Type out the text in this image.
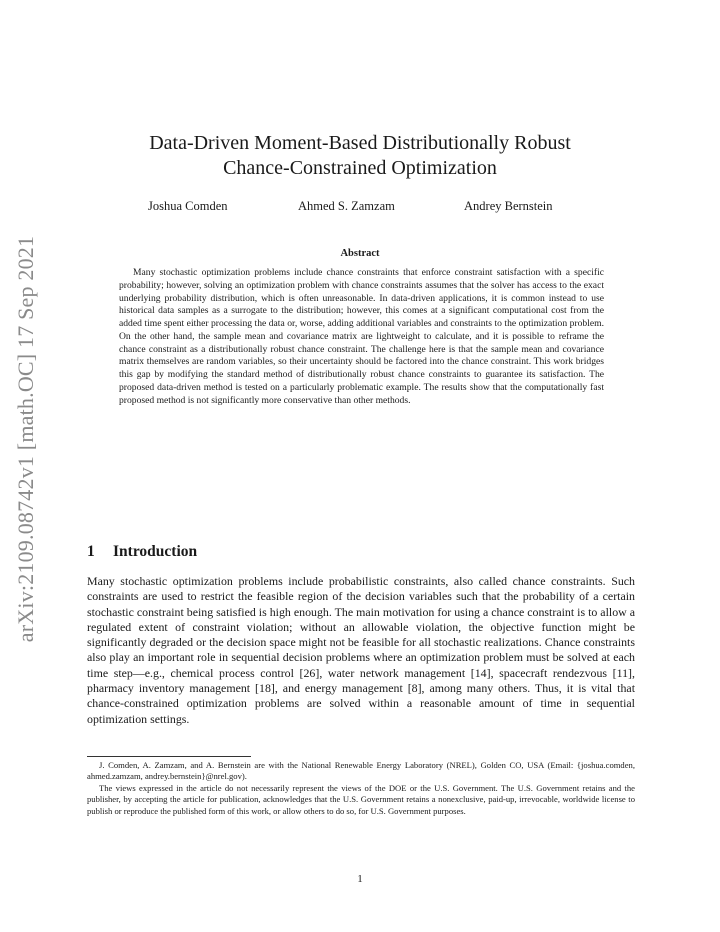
arXiv:2109.08742v1 [math.OC] 17 Sep 2021
Data-Driven Moment-Based Distributionally Robust
Chance-Constrained Optimization
Joshua Comden	Ahmed S. Zamzam	Andrey Bernstein
Abstract

Many stochastic optimization problems include chance constraints that enforce constraint satisfaction with a specific probability; however, solving an optimization problem with chance constraints assumes that the solver has access to the exact underlying probability distribution, which is often unreasonable. In data-driven applications, it is common instead to use historical data samples as a surrogate to the distribution; however, this comes at a significant computational cost from the added time spent either processing the data or, worse, adding additional variables and constraints to the optimization problem. On the other hand, the sample mean and covariance matrix are lightweight to calculate, and it is possible to reframe the chance constraint as a distributionally robust chance constraint. The challenge here is that the sample mean and covariance matrix themselves are random variables, so their uncertainty should be factored into the chance constraint. This work bridges this gap by modifying the standard method of distributionally robust chance constraints to guarantee its satisfaction. The proposed data-driven method is tested on a particularly problematic example. The results show that the computationally fast proposed method is not significantly more conservative than other methods.

1 Introduction

Many stochastic optimization problems include probabilistic constraints, also called chance constraints. Such constraints are used to restrict the feasible region of the decision variables such that the probability of a certain stochastic constraint being satisfied is high enough. The main motivation for using a chance constraint is to allow a regulated extent of constraint violation; without an allowable violation, the objective function might be significantly degraded or the decision space might not be feasible for all stochastic realizations. Chance constraints also play an important role in sequential decision problems where an optimization problem must be solved at each time step—e.g., chemical process control [26], water network management [14], spacecraft rendezvous [11], pharmacy inventory management [18], and energy management [8], among many others. Thus, it is vital that chance-constrained optimization problems are solved within a reasonable amount of time in sequential optimization settings.

J. Comden, A. Zamzam, and A. Bernstein are with the National Renewable Energy Laboratory (NREL), Golden CO, USA (Email: {joshua.comden, ahmed.zamzam, andrey.bernstein}@nrel.gov).

The views expressed in the article do not necessarily represent the views of the DOE or the U.S. Government. The U.S. Government retains and the publisher, by accepting the article for publication, acknowledges that the U.S. Government retains a nonexclusive, paid-up, irrevocable, worldwide license to publish or reproduce the published form of this work, or allow others to do so, for U.S. Government purposes.

1
